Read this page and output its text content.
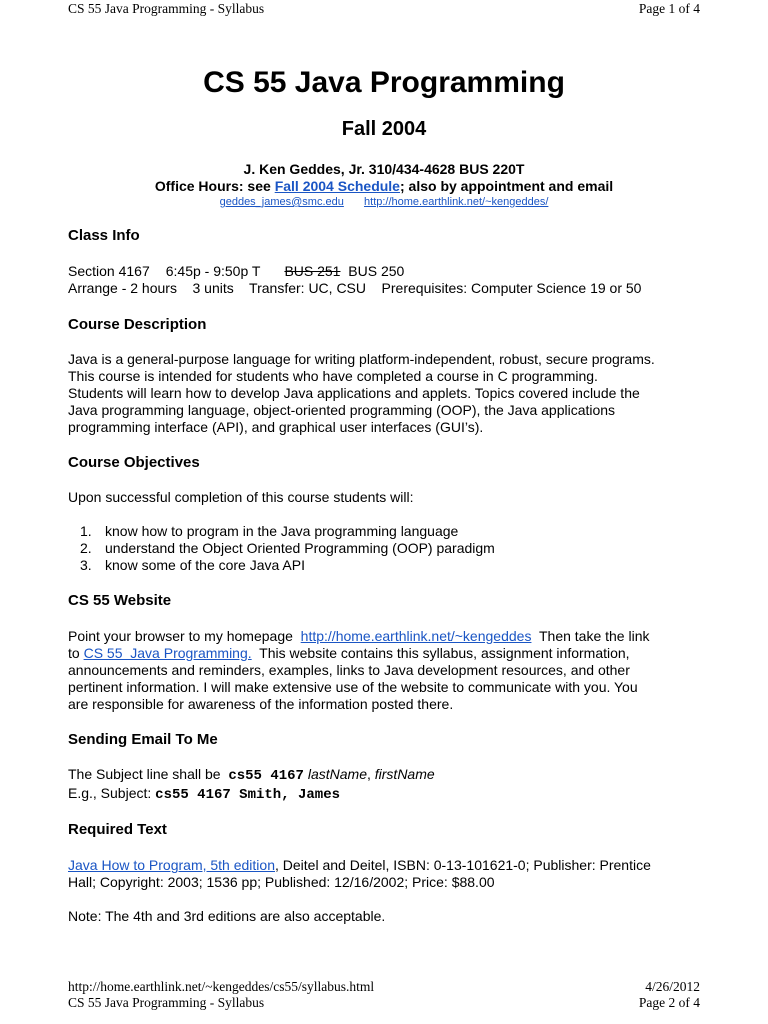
CS 55 Java Programming - Syllabus	Page 1 of 4
CS 55 Java Programming
Fall 2004
J. Ken Geddes, Jr. 310/434-4628 BUS 220T
Office Hours: see Fall 2004 Schedule; also by appointment and email
geddes_james@smc.edu http://home.earthlink.net/~kengeddes/
Class Info
Section 4167 6:45p - 9:50p T BUS 251 BUS 250
Arrange - 2 hours    3 units    Transfer: UC, CSU    Prerequisites: Computer Science 19 or 50
Course Description
Java is a general-purpose language for writing platform-independent, robust, secure programs.
This course is intended for students who have completed a course in C programming.
Students will learn how to develop Java applications and applets. Topics covered include the
Java programming language, object-oriented programming (OOP), the Java applications
programming interface (API), and graphical user interfaces (GUI’s).
Course Objectives
Upon successful completion of this course students will:
1. know how to program in the Java programming language
2. understand the Object Oriented Programming (OOP) paradigm
3. know some of the core Java API
CS 55 Website
Point your browser to my homepage  http://home.earthlink.net/~kengeddes  Then take the link
to CS 55  Java Programming.  This website contains this syllabus, assignment information,
announcements and reminders, examples, links to Java development resources, and other
pertinent information. I will make extensive use of the website to communicate with you. You
are responsible for awareness of the information posted there.
Sending Email To Me
The Subject line shall be  cs55 4167 lastName, firstName
E.g., Subject: cs55 4167 Smith, James
Required Text
Java How to Program, 5th edition, Deitel and Deitel, ISBN: 0-13-101621-0; Publisher: Prentice
Hall; Copyright: 2003; 1536 pp; Published: 12/16/2002; Price: $88.00
Note: The 4th and 3rd editions are also acceptable.
http://home.earthlink.net/~kengeddes/cs55/syllabus.html	4/26/2012
CS 55 Java Programming - Syllabus	Page 2 of 4
